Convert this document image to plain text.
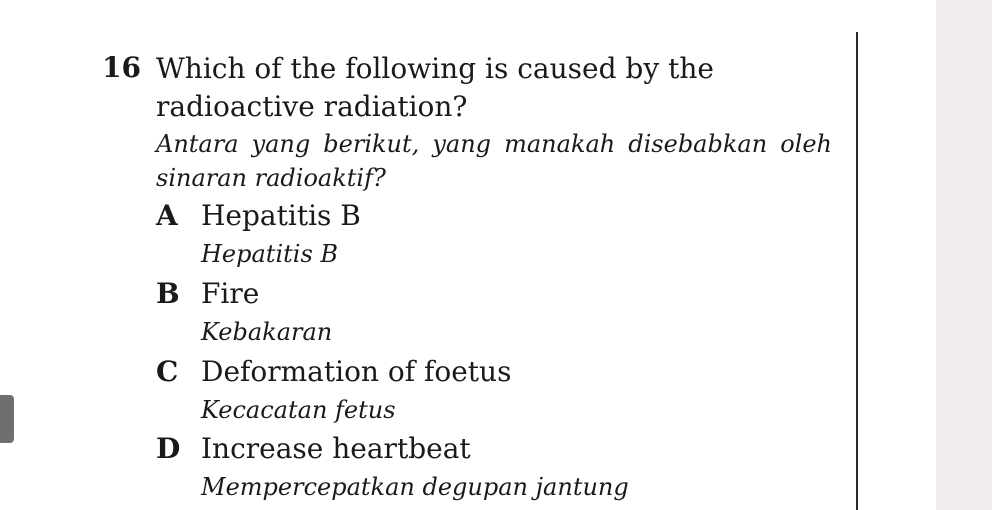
16 Which of the following is caused by the radioactive radiation?
Antara yang berikut, yang manakah disebabkan oleh sinaran radioaktif?
A Hepatitis B
Hepatitis B
B Fire
Kebakaran
C Deformation of foetus
Kecacatan fetus
D Increase heartbeat
Mempercepatkan degupan jantung
